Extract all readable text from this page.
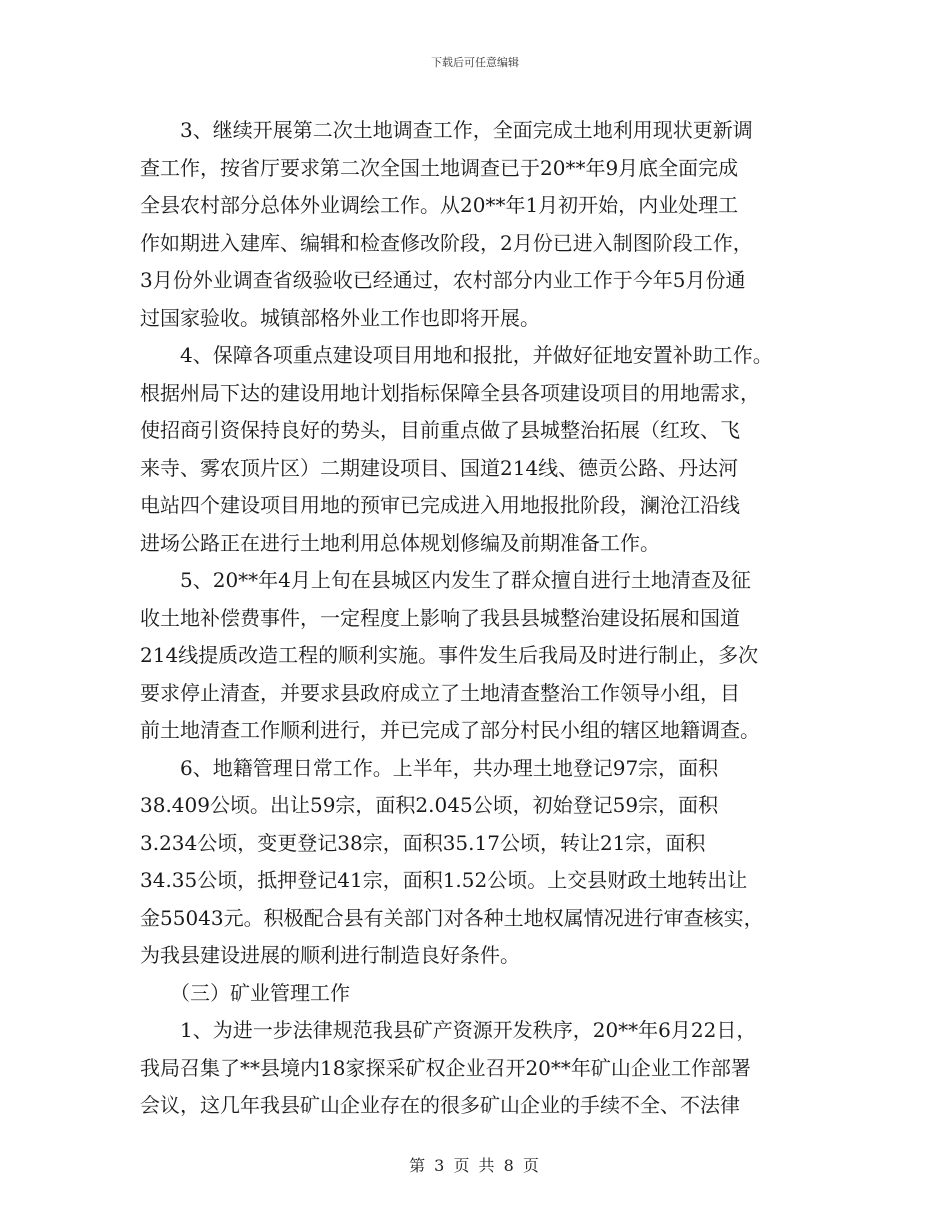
下载后可任意编辑
　　3、继续开展第二次土地调查工作，全面完成土地利用现状更新调
查工作，按省厅要求第二次全国土地调查已于20**年9月底全面完成
全县农村部分总体外业调绘工作。从20**年1月初开始，内业处理工
作如期进入建库、编辑和检查修改阶段，2月份已进入制图阶段工作，
3月份外业调查省级验收已经通过，农村部分内业工作于今年5月份通
过国家验收。城镇部格外业工作也即将开展。
　　4、保障各项重点建设项目用地和报批，并做好征地安置补助工作。
根据州局下达的建设用地计划指标保障全县各项建设项目的用地需求，
使招商引资保持良好的势头，目前重点做了县城整治拓展（红玫、飞
来寺、雾农顶片区）二期建设项目、国道214线、德贡公路、丹达河
电站四个建设项目用地的预审已完成进入用地报批阶段，澜沧江沿线
进场公路正在进行土地利用总体规划修编及前期准备工作。
　　5、20**年4月上旬在县城区内发生了群众擅自进行土地清查及征
收土地补偿费事件，一定程度上影响了我县县城整治建设拓展和国道
214线提质改造工程的顺利实施。事件发生后我局及时进行制止，多次
要求停止清查，并要求县政府成立了土地清查整治工作领导小组，目
前土地清查工作顺利进行，并已完成了部分村民小组的辖区地籍调查。
　　6、地籍管理日常工作。上半年，共办理土地登记97宗，面积
38.409公顷。出让59宗，面积2.045公顷，初始登记59宗，面积
3.234公顷，变更登记38宗，面积35.17公顷，转让21宗，面积
34.35公顷，抵押登记41宗，面积1.52公顷。上交县财政土地转出让
金55043元。积极配合县有关部门对各种土地权属情况进行审查核实，
为我县建设进展的顺利进行制造良好条件。
　　（三）矿业管理工作
　　1、为进一步法律规范我县矿产资源开发秩序，20**年6月22日，
我局召集了**县境内18家探采矿权企业召开20**年矿山企业工作部署
会议，这几年我县矿山企业存在的很多矿山企业的手续不全、不法律
第 3 页 共 8 页
